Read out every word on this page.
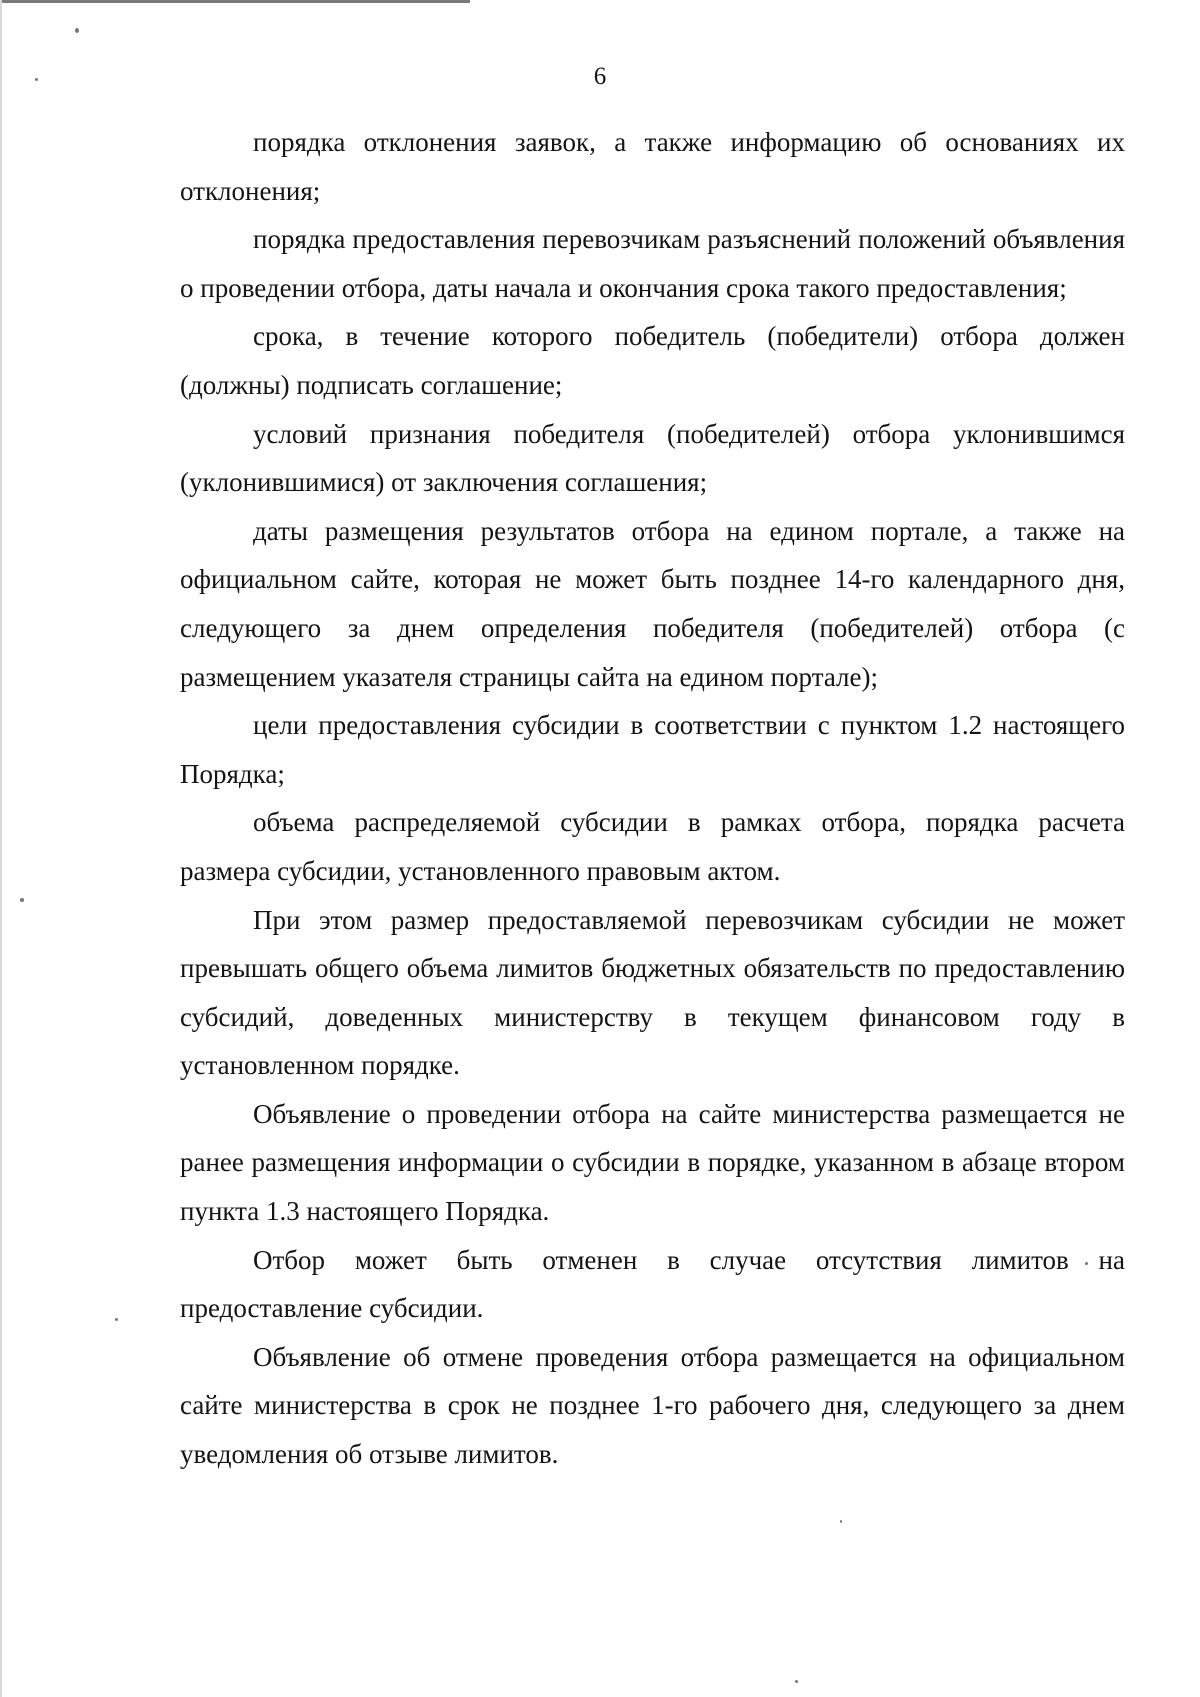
6

порядка отклонения заявок, а также информацию об основаниях их отклонения;

порядка предоставления перевозчикам разъяснений положений объявления о проведении отбора, даты начала и окончания срока такого предоставления;

срока, в течение которого победитель (победители) отбора должен (должны) подписать соглашение;

условий признания победителя (победителей) отбора уклонившимся (уклонившимися) от заключения соглашения;

даты размещения результатов отбора на едином портале, а также на официальном сайте, которая не может быть позднее 14-го календарного дня, следующего за днем определения победителя (победителей) отбора (с размещением указателя страницы сайта на едином портале);

цели предоставления субсидии в соответствии с пунктом 1.2 настоящего Порядка;

объема распределяемой субсидии в рамках отбора, порядка расчета размера субсидии, установленного правовым актом.

При этом размер предоставляемой перевозчикам субсидии не может превышать общего объема лимитов бюджетных обязательств по предоставлению субсидий, доведенных министерству в текущем финансовом году в установленном порядке.

Объявление о проведении отбора на сайте министерства размещается не ранее размещения информации о субсидии в порядке, указанном в абзаце втором пункта 1.3 настоящего Порядка.

Отбор может быть отменен в случае отсутствия лимитов на предоставление субсидии.

Объявление об отмене проведения отбора размещается на официальном сайте министерства в срок не позднее 1-го рабочего дня, следующего за днем уведомления об отзыве лимитов.
